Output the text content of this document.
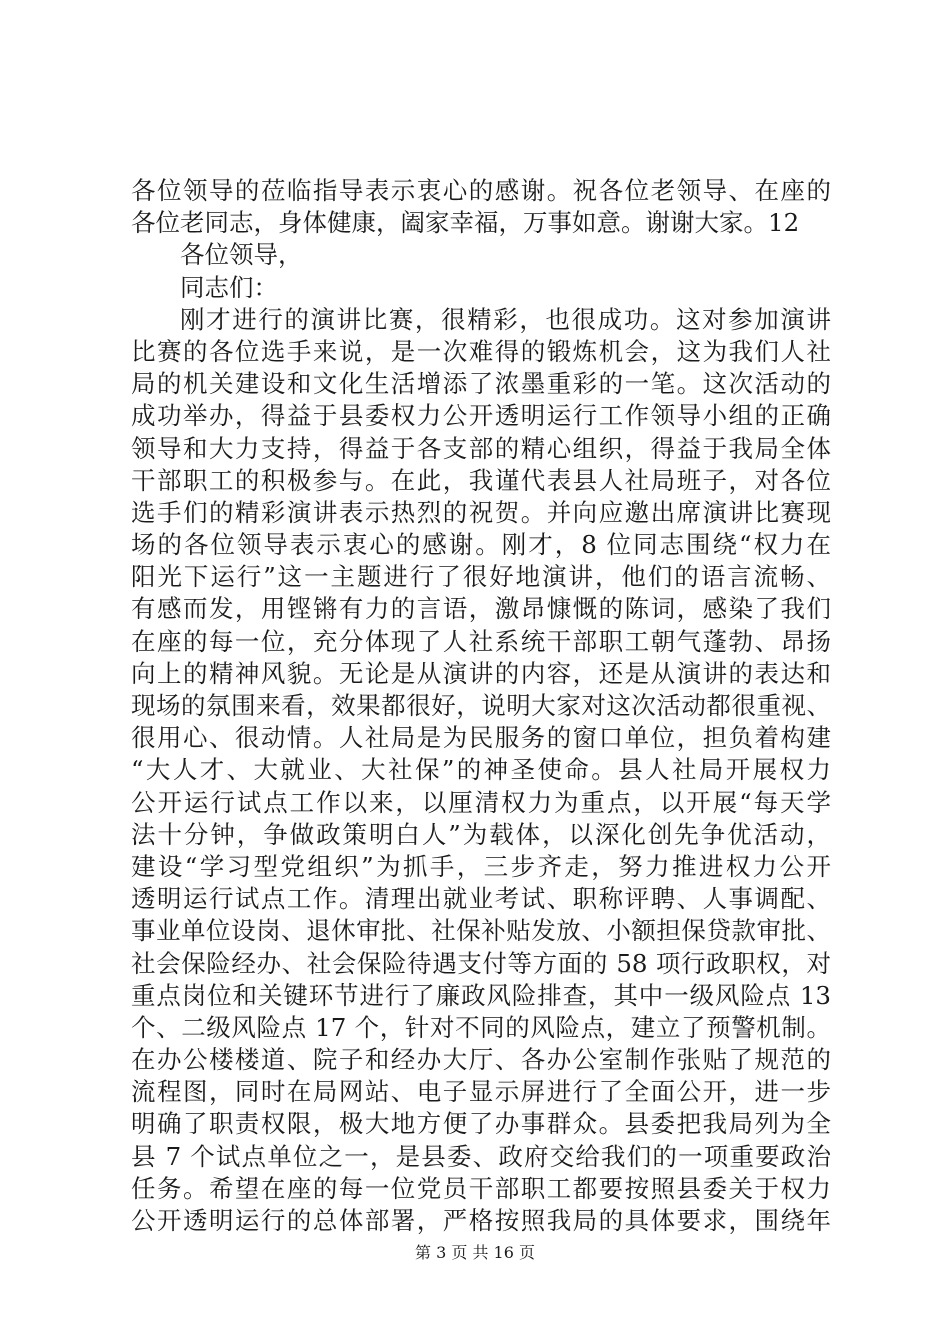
各位领导的莅临指导表示衷心的感谢。祝各位老领导、在座的
各位老同志，身体健康，阖家幸福，万事如意。谢谢大家。12
各位领导，
同志们：
刚才进行的演讲比赛，很精彩，也很成功。这对参加演讲
比赛的各位选手来说，是一次难得的锻炼机会，这为我们人社
局的机关建设和文化生活增添了浓墨重彩的一笔。这次活动的
成功举办，得益于县委权力公开透明运行工作领导小组的正确
领导和大力支持，得益于各支部的精心组织，得益于我局全体
干部职工的积极参与。在此，我谨代表县人社局班子，对各位
选手们的精彩演讲表示热烈的祝贺。并向应邀出席演讲比赛现
场的各位领导表示衷心的感谢。刚才，8 位同志围绕“权力在
阳光下运行”这一主题进行了很好地演讲，他们的语言流畅、
有感而发，用铿锵有力的言语，激昂慷慨的陈词，感染了我们
在座的每一位，充分体现了人社系统干部职工朝气蓬勃、昂扬
向上的精神风貌。无论是从演讲的内容，还是从演讲的表达和
现场的氛围来看，效果都很好，说明大家对这次活动都很重视、
很用心、很动情。人社局是为民服务的窗口单位，担负着构建
“大人才、大就业、大社保”的神圣使命。县人社局开展权力
公开运行试点工作以来，以厘清权力为重点，以开展“每天学
法十分钟，争做政策明白人”为载体，以深化创先争优活动，
建设“学习型党组织”为抓手，三步齐走，努力推进权力公开
透明运行试点工作。清理出就业考试、职称评聘、人事调配、
事业单位设岗、退休审批、社保补贴发放、小额担保贷款审批、
社会保险经办、社会保险待遇支付等方面的 58 项行政职权，对
重点岗位和关键环节进行了廉政风险排查，其中一级风险点 13
个、二级风险点 17 个，针对不同的风险点，建立了预警机制。
在办公楼楼道、院子和经办大厅、各办公室制作张贴了规范的
流程图，同时在局网站、电子显示屏进行了全面公开，进一步
明确了职责权限，极大地方便了办事群众。县委把我局列为全
县 7 个试点单位之一，是县委、政府交给我们的一项重要政治
任务。希望在座的每一位党员干部职工都要按照县委关于权力
公开透明运行的总体部署，严格按照我局的具体要求，围绕年
第 3 页 共 16 页
